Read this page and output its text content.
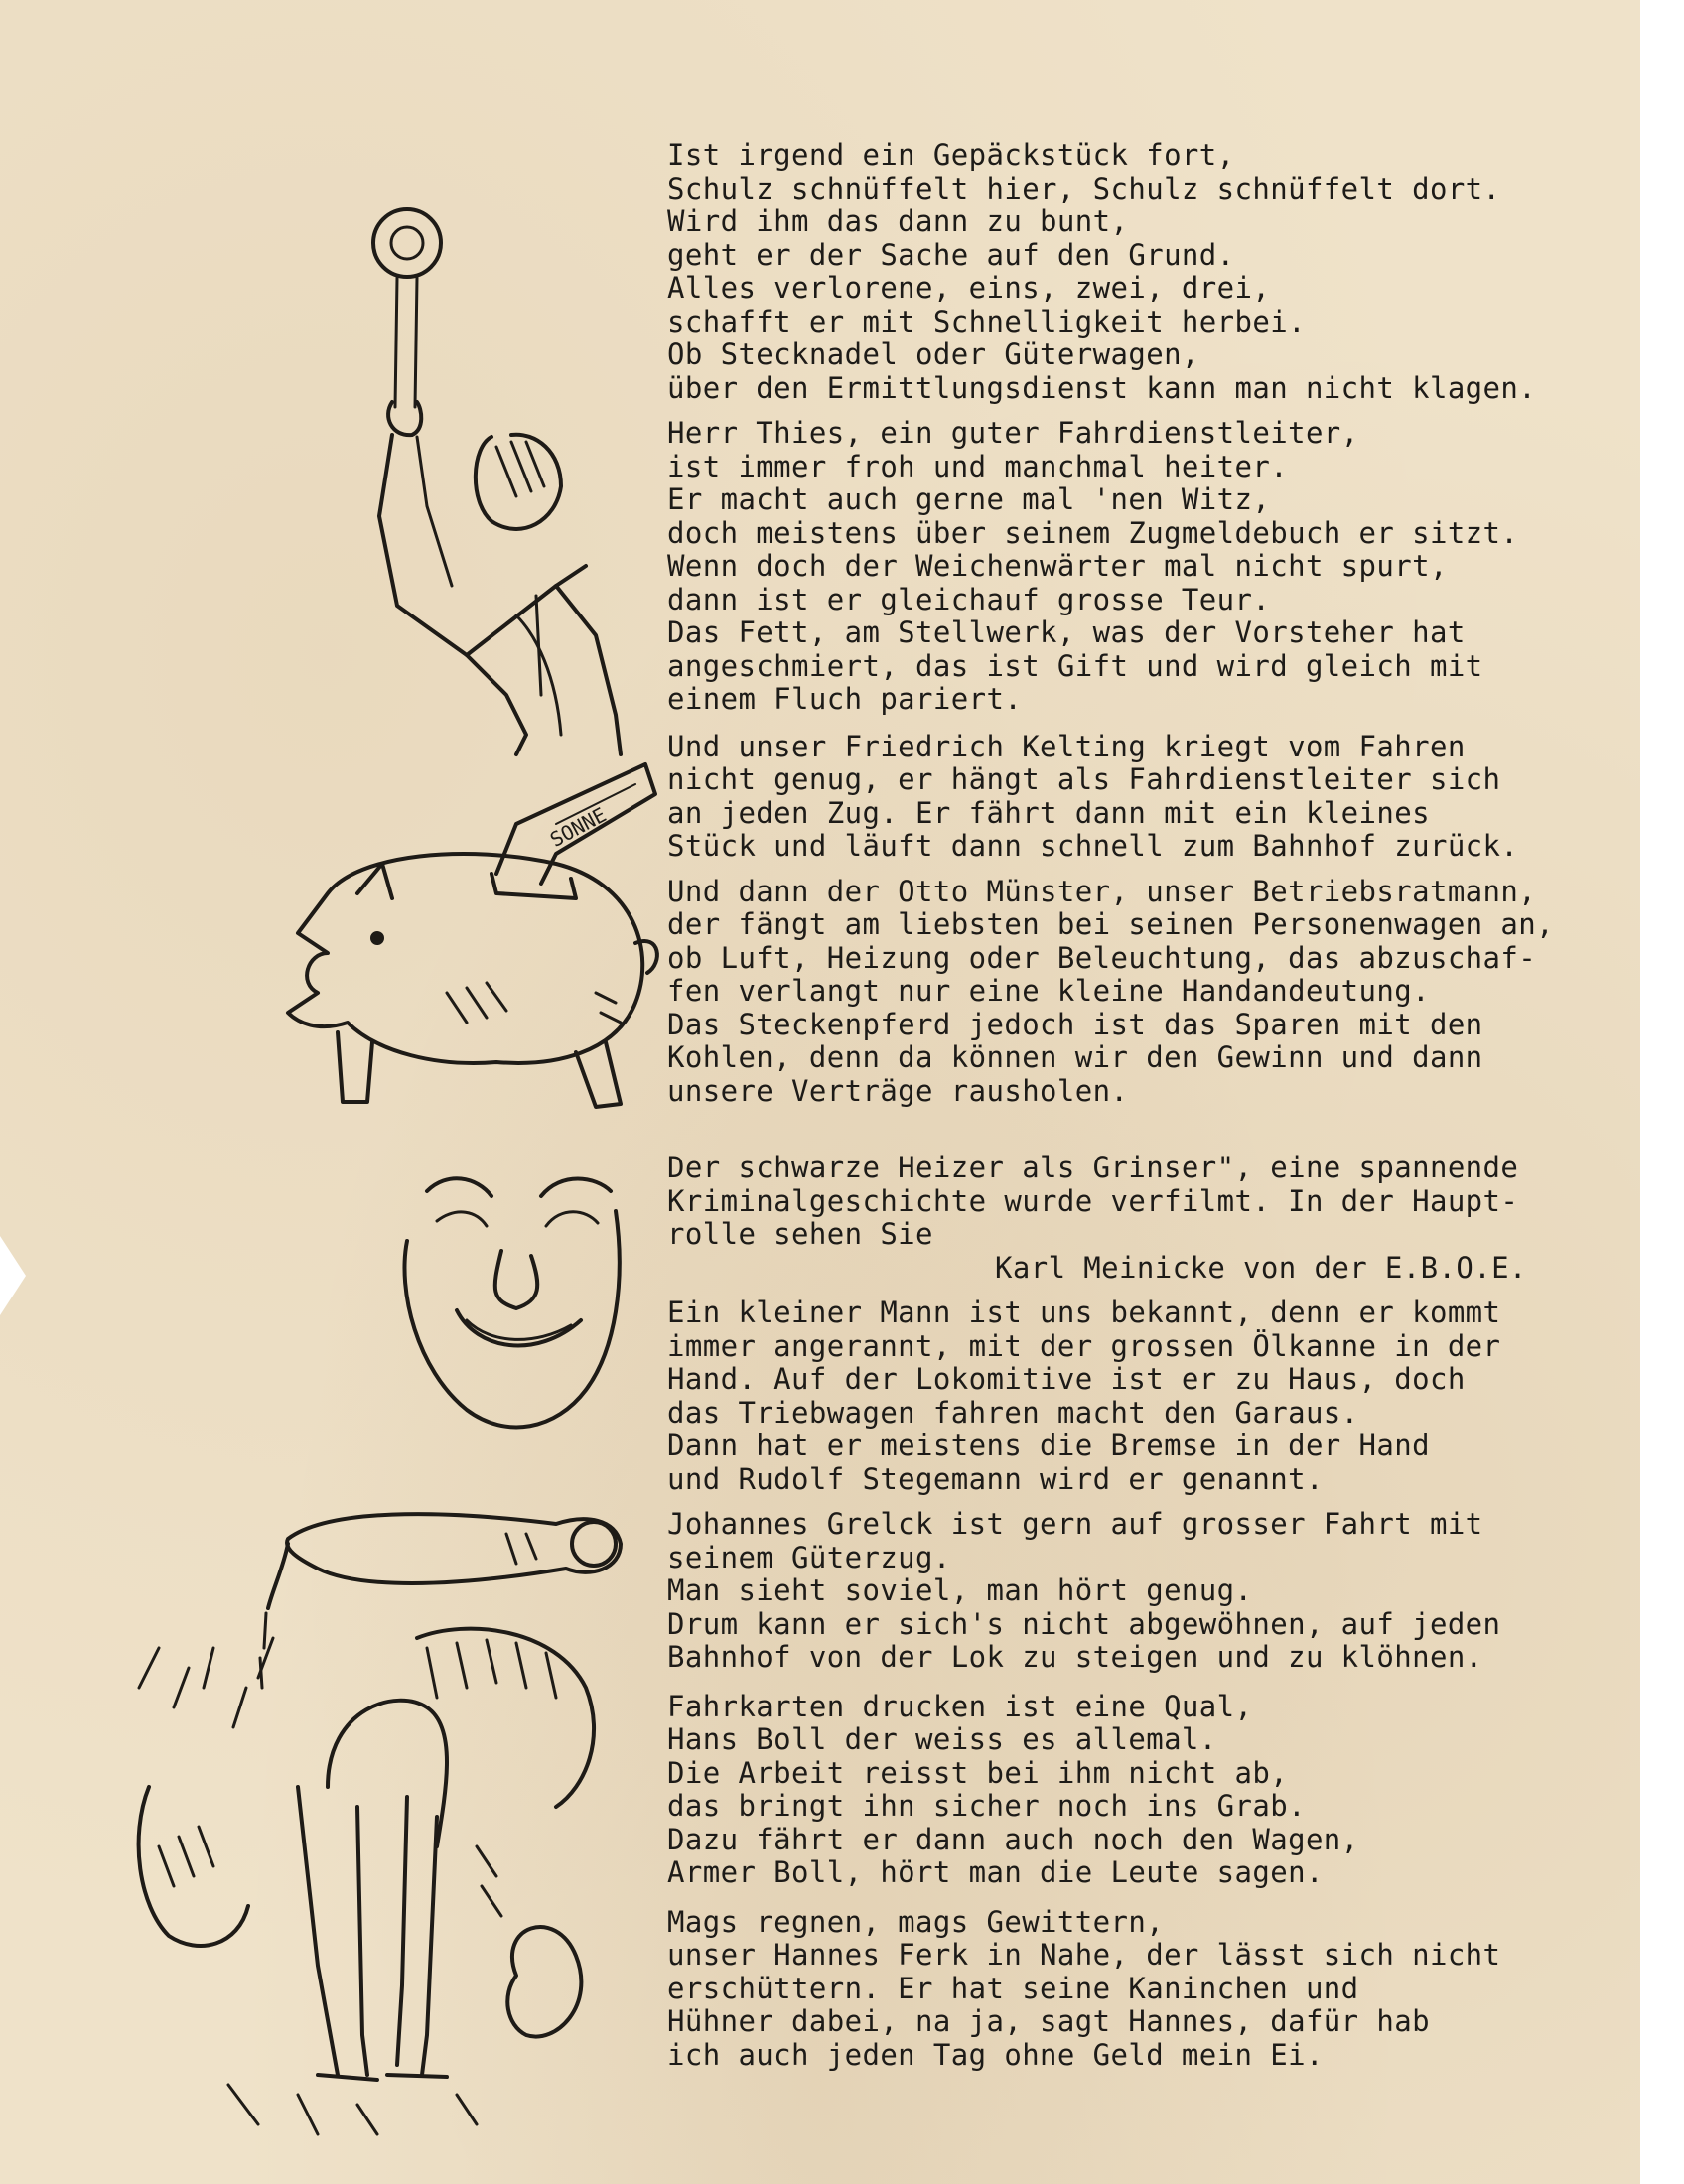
SONNE
Ist irgend ein Gepäckstück fort,
Schulz schnüffelt hier, Schulz schnüffelt dort.
Wird ihm das dann zu bunt,
geht er der Sache auf den Grund.
Alles verlorene, eins, zwei, drei,
schafft er mit Schnelligkeit herbei.
Ob Stecknadel oder Güterwagen,
über den Ermittlungsdienst kann man nicht klagen.
Herr Thies, ein guter Fahrdienstleiter,
ist immer froh und manchmal heiter.
Er macht auch gerne mal 'nen Witz,
doch meistens über seinem Zugmeldebuch er sitzt.
Wenn doch der Weichenwärter mal nicht spurt,
dann ist er gleichauf grosse Teur.
Das Fett, am Stellwerk, was der Vorsteher hat
angeschmiert, das ist Gift und wird gleich mit
einem Fluch pariert.
Und unser Friedrich Kelting kriegt vom Fahren
nicht genug, er hängt als Fahrdienstleiter sich
an jeden Zug. Er fährt dann mit ein kleines
Stück und läuft dann schnell zum Bahnhof zurück.
Und dann der Otto Münster, unser Betriebsratmann,
der fängt am liebsten bei seinen Personenwagen an,
ob Luft, Heizung oder Beleuchtung, das abzuschaf-
fen verlangt nur eine kleine Handandeutung.
Das Steckenpferd jedoch ist das Sparen mit den
Kohlen, denn da können wir den Gewinn und dann
unsere Verträge rausholen.
Der schwarze Heizer als Grinser", eine spannende
Kriminalgeschichte wurde verfilmt. In der Haupt-
rolle sehen Sie
Karl Meinicke von der E.B.O.E.
Ein kleiner Mann ist uns bekannt, denn er kommt
immer angerannt, mit der grossen Ölkanne in der
Hand. Auf der Lokomitive ist er zu Haus, doch
das Triebwagen fahren macht den Garaus.
Dann hat er meistens die Bremse in der Hand
und Rudolf Stegemann wird er genannt.
Johannes Grelck ist gern auf grosser Fahrt mit
seinem Güterzug.
Man sieht soviel, man hört genug.
Drum kann er sich's nicht abgewöhnen, auf jeden
Bahnhof von der Lok zu steigen und zu klöhnen.
Fahrkarten drucken ist eine Qual,
Hans Boll der weiss es allemal.
Die Arbeit reisst bei ihm nicht ab,
das bringt ihn sicher noch ins Grab.
Dazu fährt er dann auch noch den Wagen,
Armer Boll, hört man die Leute sagen.
Mags regnen, mags Gewittern,
unser Hannes Ferk in Nahe, der lässt sich nicht
erschüttern. Er hat seine Kaninchen und
Hühner dabei, na ja, sagt Hannes, dafür hab
ich auch jeden Tag ohne Geld mein Ei.
